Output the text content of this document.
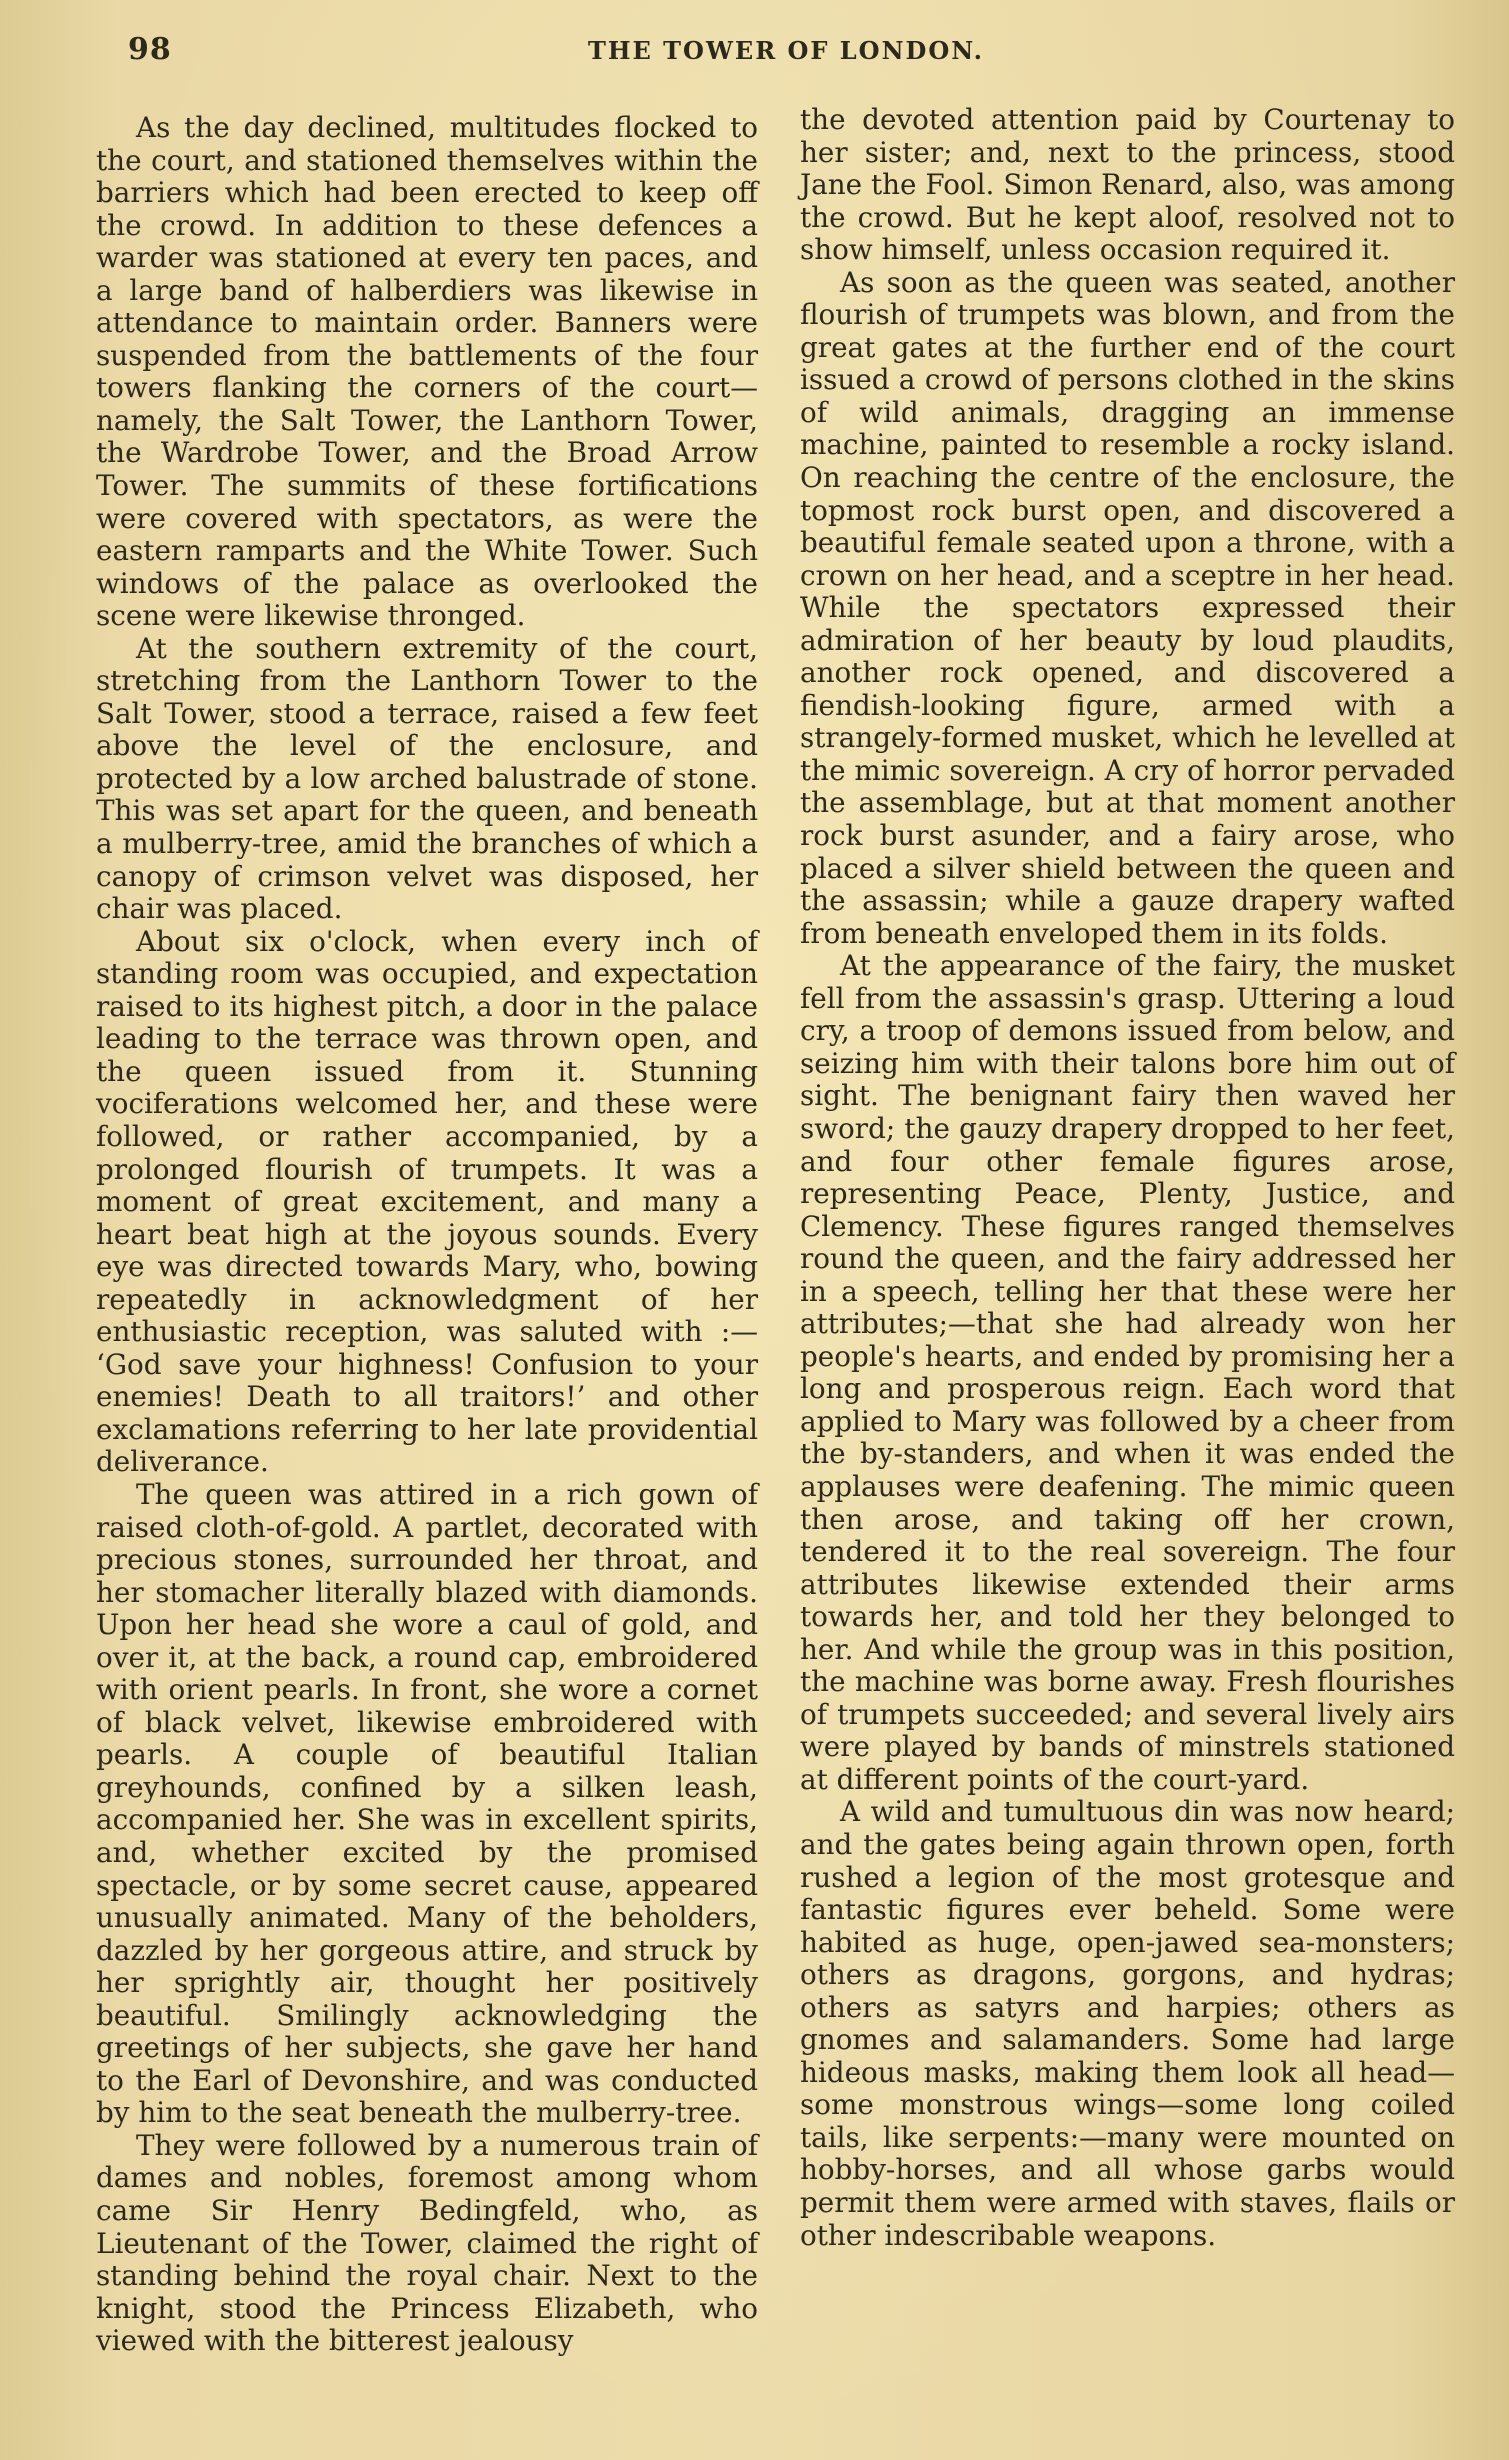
98	THE TOWER OF LONDON.

As the day declined, multitudes flocked to the court, and stationed themselves within the barriers which had been erected to keep off the crowd. In addition to these defences a warder was stationed at every ten paces, and a large band of halberdiers was likewise in attendance to maintain order. Banners were suspended from the battlements of the four towers flanking the corners of the court—namely, the Salt Tower, the Lanthorn Tower, the Wardrobe Tower, and the Broad Arrow Tower. The summits of these fortifications were covered with spectators, as were the eastern ramparts and the White Tower. Such windows of the palace as overlooked the scene were likewise thronged.

At the southern extremity of the court, stretching from the Lanthorn Tower to the Salt Tower, stood a terrace, raised a few feet above the level of the enclosure, and protected by a low arched balustrade of stone. This was set apart for the queen, and beneath a mulberry-tree, amid the branches of which a canopy of crimson velvet was disposed, her chair was placed.

About six o'clock, when every inch of standing room was occupied, and expectation raised to its highest pitch, a door in the palace leading to the terrace was thrown open, and the queen issued from it. Stunning vociferations welcomed her, and these were followed, or rather accompanied, by a prolonged flourish of trumpets. It was a moment of great excitement, and many a heart beat high at the joyous sounds. Every eye was directed towards Mary, who, bowing repeatedly in acknowledgment of her enthusiastic reception, was saluted with :— ‘God save your highness! Confusion to your enemies! Death to all traitors!’ and other exclamations referring to her late providential deliverance.

The queen was attired in a rich gown of raised cloth-of-gold. A partlet, decorated with precious stones, surrounded her throat, and her stomacher literally blazed with diamonds. Upon her head she wore a caul of gold, and over it, at the back, a round cap, embroidered with orient pearls. In front, she wore a cornet of black velvet, likewise embroidered with pearls. A couple of beautiful Italian greyhounds, confined by a silken leash, accompanied her. She was in excellent spirits, and, whether excited by the promised spectacle, or by some secret cause, appeared unusually animated. Many of the beholders, dazzled by her gorgeous attire, and struck by her sprightly air, thought her positively beautiful. Smilingly acknowledging the greetings of her subjects, she gave her hand to the Earl of Devonshire, and was conducted by him to the seat beneath the mulberry-tree.

They were followed by a numerous train of dames and nobles, foremost among whom came Sir Henry Bedingfeld, who, as Lieutenant of the Tower, claimed the right of standing behind the royal chair. Next to the knight, stood the Princess Elizabeth, who viewed with the bitterest jealousy

the devoted attention paid by Courtenay to her sister; and, next to the princess, stood Jane the Fool. Simon Renard, also, was among the crowd. But he kept aloof, resolved not to show himself, unless occasion required it.

As soon as the queen was seated, another flourish of trumpets was blown, and from the great gates at the further end of the court issued a crowd of persons clothed in the skins of wild animals, dragging an immense machine, painted to resemble a rocky island. On reaching the centre of the enclosure, the topmost rock burst open, and discovered a beautiful female seated upon a throne, with a crown on her head, and a sceptre in her head. While the spectators expressed their admiration of her beauty by loud plaudits, another rock opened, and discovered a fiendish-looking figure, armed with a strangely-formed musket, which he levelled at the mimic sovereign. A cry of horror pervaded the assemblage, but at that moment another rock burst asunder, and a fairy arose, who placed a silver shield between the queen and the assassin; while a gauze drapery wafted from beneath enveloped them in its folds.

At the appearance of the fairy, the musket fell from the assassin's grasp. Uttering a loud cry, a troop of demons issued from below, and seizing him with their talons bore him out of sight. The benignant fairy then waved her sword; the gauzy drapery dropped to her feet, and four other female figures arose, representing Peace, Plenty, Justice, and Clemency. These figures ranged themselves round the queen, and the fairy addressed her in a speech, telling her that these were her attributes;—that she had already won her people's hearts, and ended by promising her a long and prosperous reign. Each word that applied to Mary was followed by a cheer from the by-standers, and when it was ended the applauses were deafening. The mimic queen then arose, and taking off her crown, tendered it to the real sovereign. The four attributes likewise extended their arms towards her, and told her they belonged to her. And while the group was in this position, the machine was borne away. Fresh flourishes of trumpets succeeded; and several lively airs were played by bands of minstrels stationed at different points of the court-yard.

A wild and tumultuous din was now heard; and the gates being again thrown open, forth rushed a legion of the most grotesque and fantastic figures ever beheld. Some were habited as huge, open-jawed sea-monsters; others as dragons, gorgons, and hydras; others as satyrs and harpies; others as gnomes and salamanders. Some had large hideous masks, making them look all head—some monstrous wings—some long coiled tails, like serpents:—many were mounted on hobby-horses, and all whose garbs would permit them were armed with staves, flails or other indescribable weapons.
